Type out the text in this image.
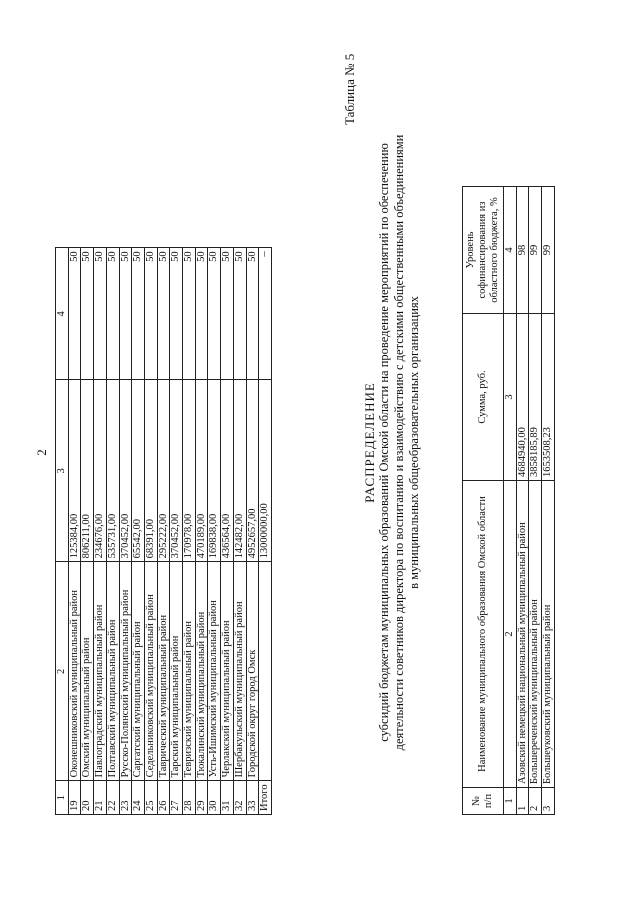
2
1	2	3	4
19	Оконешниковский муниципальный район	125384,00	50
20	Омский муниципальный район	806211,00	50
21	Павлоградский муниципальный район	234676,00	50
22	Полтавский муниципальный район	535731,00	50
23	Русско-Полянский муниципальный район	370452,00	50
24	Саргатский муниципальный район	65542,00	50
25	Седельниковский муниципальный район	68391,00	50
26	Таврический муниципальный район	295222,00	50
27	Тарский муниципальный район	370452,00	50
28	Тевризский муниципальный район	170978,00	50
29	Тюкалинский муниципальный район	470189,00	50
30	Усть-Ишимский муниципальный район	169838,00	50
31	Черлакский муниципальный район	436564,00	50
32	Шербакульский муниципальный район	142482,00	50
33	Городской округ город Омск	4952657,00	50
Итого		13000000,00	–
Таблица № 5
РАСПРЕДЕЛЕНИЕ субсидий бюджетам муниципальных образований Омской области на проведение мероприятий по обеспечению деятельности советников директора по воспитанию и взаимодействию с детскими общественными объединениями в муниципальных общеобразовательных организациях
№ п/п	Наименование муниципального образования Омской области	Сумма, руб.	Уровень софинансирования из областного бюджета, %
1	2	3	4
1	Азовский немецкий национальный муниципальный район	4684940,00	98
2	Большереченский муниципальный район	3858185,89	99
3	Большеуковский муниципальный район	1653508,23	99
